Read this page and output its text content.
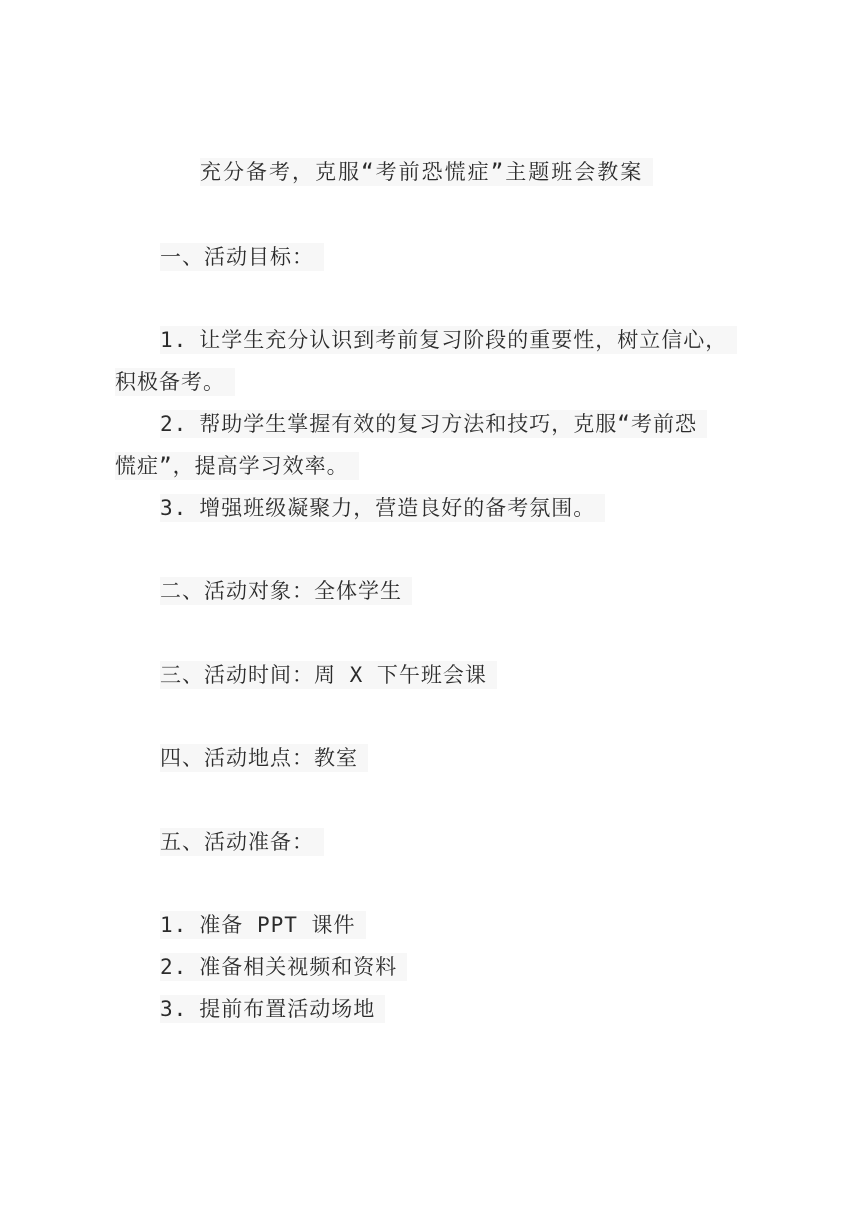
充分备考，克服“考前恐慌症”主题班会教案
一、活动目标：
1. 让学生充分认识到考前复习阶段的重要性，树立信心，
积极备考。
2. 帮助学生掌握有效的复习方法和技巧，克服“考前恐
慌症”，提高学习效率。
3. 增强班级凝聚力，营造良好的备考氛围。
二、活动对象：全体学生
三、活动时间：周 X 下午班会课
四、活动地点：教室
五、活动准备：
1. 准备 PPT 课件
2. 准备相关视频和资料
3. 提前布置活动场地
